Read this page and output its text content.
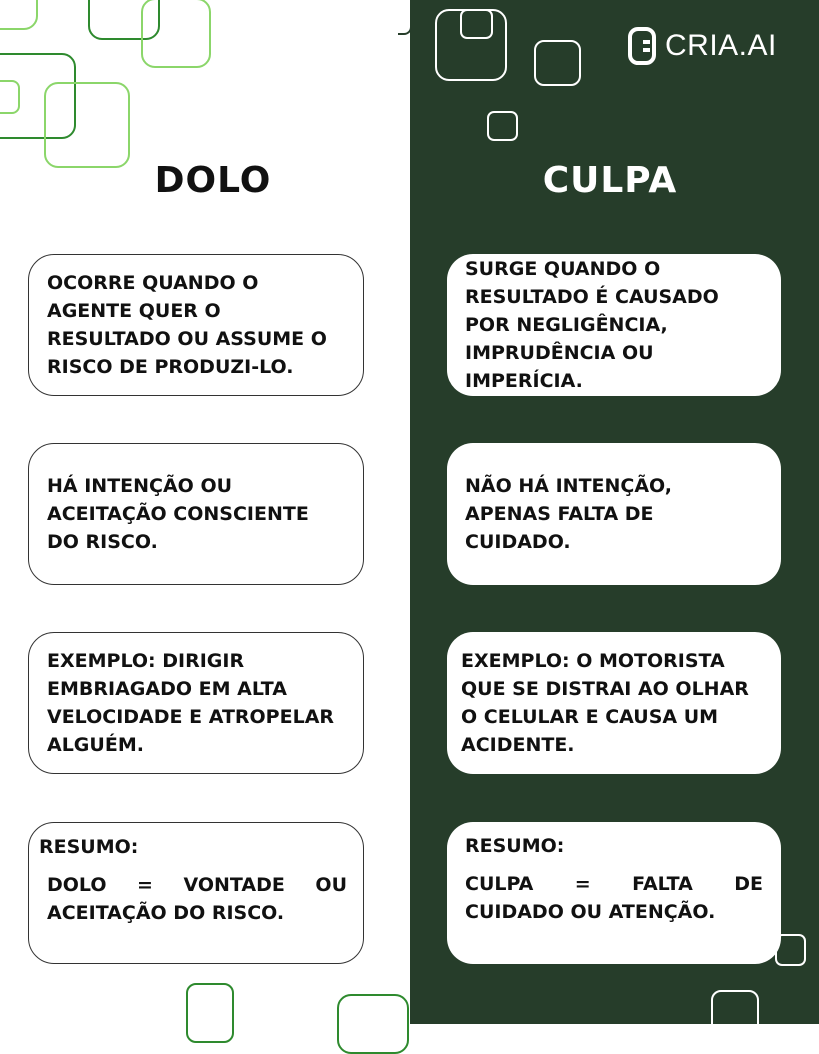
CRIA.AI
DOLO	CULPA
OCORRE QUANDO O AGENTE QUER O RESULTADO OU ASSUME O RISCO DE PRODUZI-LO.
HÁ INTENÇÃO OU ACEITAÇÃO CONSCIENTE DO RISCO.
EXEMPLO: DIRIGIR EMBRIAGADO EM ALTA VELOCIDADE E ATROPELAR ALGUÉM.
RESUMO:
DOLO = VONTADE OU ACEITAÇÃO DO RISCO.
SURGE QUANDO O RESULTADO É CAUSADO POR NEGLIGÊNCIA, IMPRUDÊNCIA OU IMPERÍCIA.
NÃO HÁ INTENÇÃO, APENAS FALTA DE CUIDADO.
EXEMPLO: O MOTORISTA QUE SE DISTRAI AO OLHAR O CELULAR E CAUSA UM ACIDENTE.
RESUMO:
CULPA = FALTA DE CUIDADO OU ATENÇÃO.
